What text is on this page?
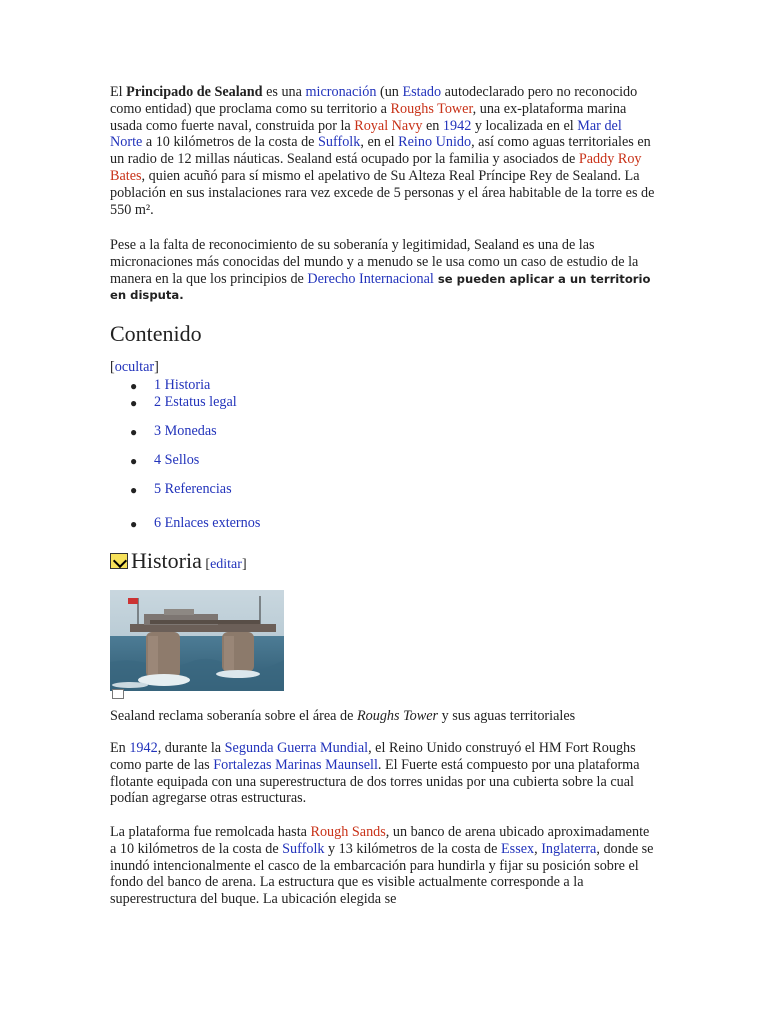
El Principado de Sealand es una micronación (un Estado autodeclarado pero no reconocido como entidad) que proclama como su territorio a Roughs Tower, una ex-plataforma marina usada como fuerte naval, construida por la Royal Navy en 1942 y localizada en el Mar del Norte a 10 kilómetros de la costa de Suffolk, en el Reino Unido, así como aguas territoriales en un radio de 12 millas náuticas. Sealand está ocupado por la familia y asociados de Paddy Roy Bates, quien acuñó para sí mismo el apelativo de Su Alteza Real Príncipe Rey de Sealand. La población en sus instalaciones rara vez excede de 5 personas y el área habitable de la torre es de 550 m².

Pese a la falta de reconocimiento de su soberanía y legitimidad, Sealand es una de las micronaciones más conocidas del mundo y a menudo se le usa como un caso de estudio de la manera en la que los principios de Derecho Internacional se pueden aplicar a un territorio en disputa.

Contenido
[ocultar]
● 1 Historia
● 2 Estatus legal
● 3 Monedas
● 4 Sellos
● 5 Referencias
● 6 Enlaces externos
Historia [editar]

Sealand reclama soberanía sobre el área de Roughs Tower y sus aguas territoriales

En 1942, durante la Segunda Guerra Mundial, el Reino Unido construyó el HM Fort Roughs como parte de las Fortalezas Marinas Maunsell. El Fuerte está compuesto por una plataforma flotante equipada con una superestructura de dos torres unidas por una cubierta sobre la cual podían agregarse otras estructuras.

La plataforma fue remolcada hasta Rough Sands, un banco de arena ubicado aproximadamente a 10 kilómetros de la costa de Suffolk y 13 kilómetros de la costa de Essex, Inglaterra, donde se inundó intencionalmente el casco de la embarcación para hundirla y fijar su posición sobre el fondo del banco de arena. La estructura que es visible actualmente corresponde a la superestructura del buque. La ubicación elegida se
